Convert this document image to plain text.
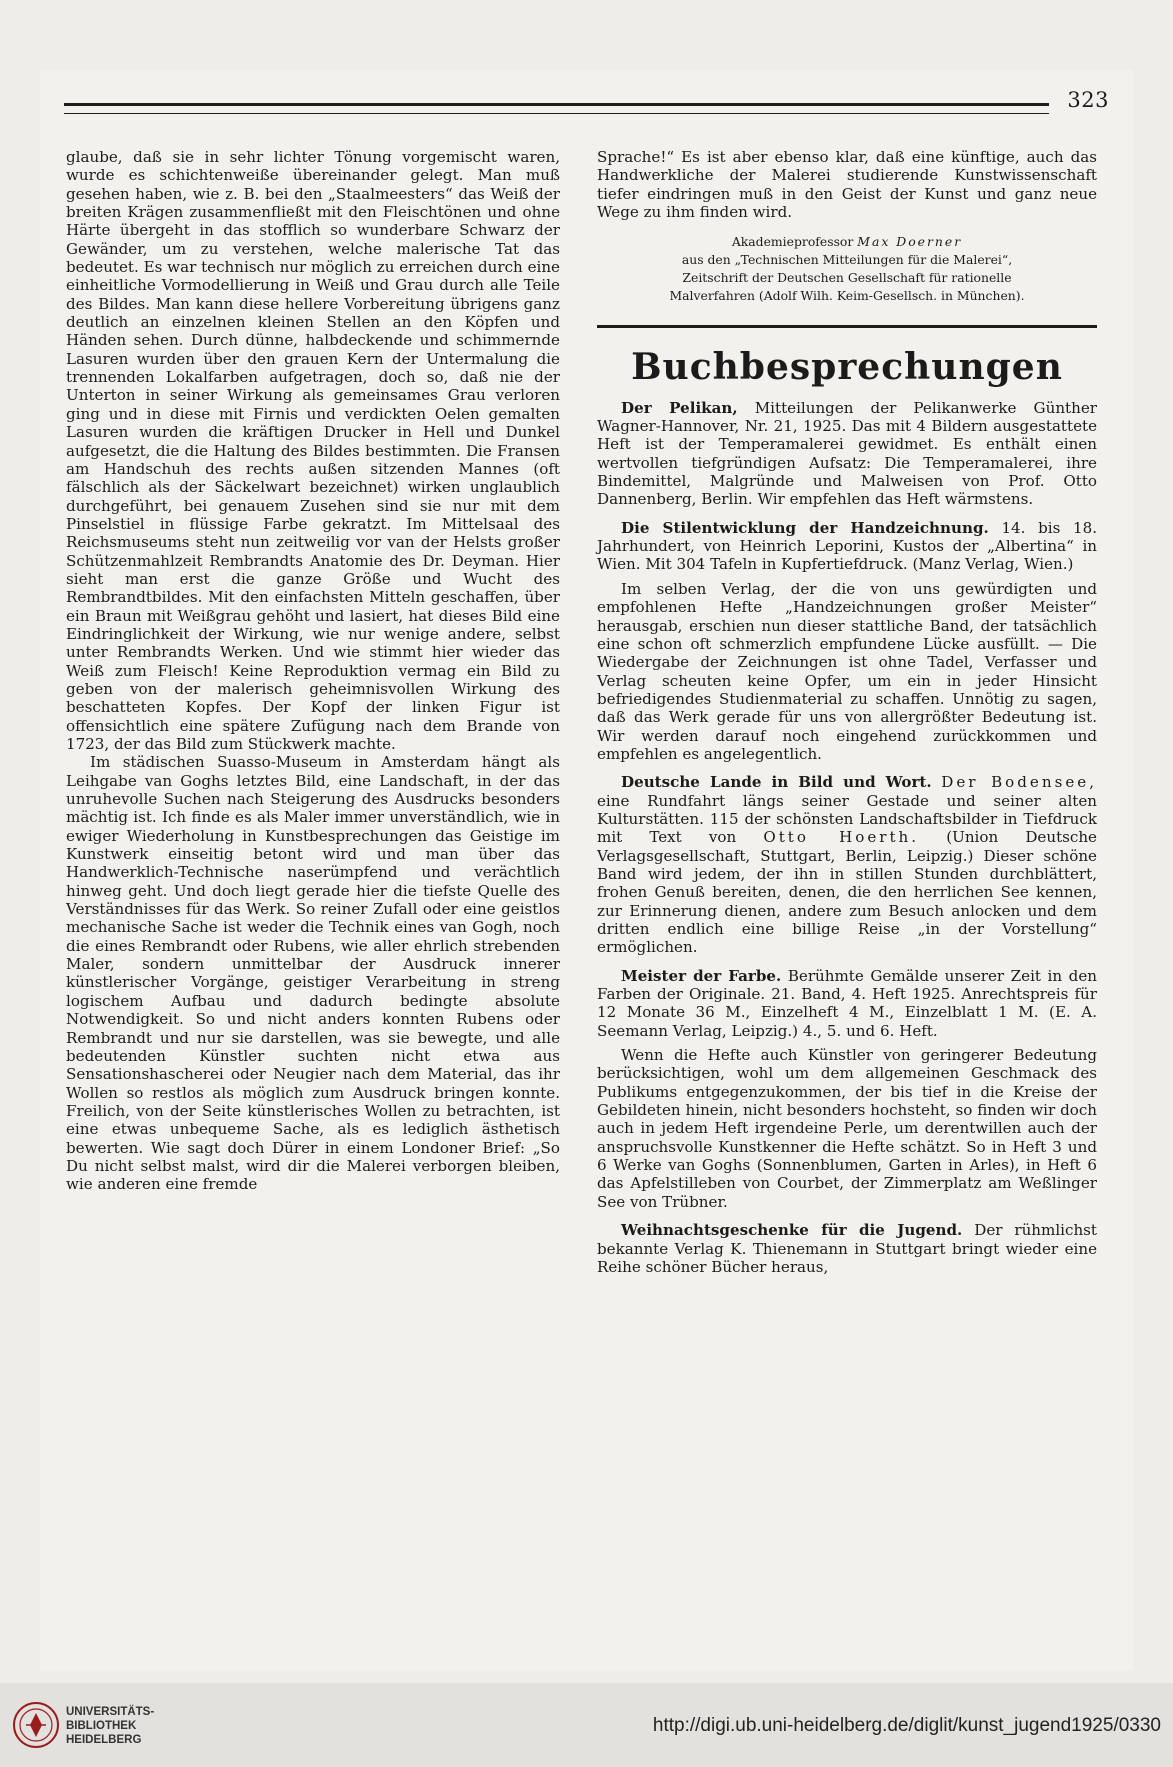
323

glaube, daß sie in sehr lichter Tönung vorgemischt waren, wurde es schichtenweiße übereinander gelegt. Man muß gesehen haben, wie z. B. bei den „Staalmeesters“ das Weiß der breiten Krägen zusammenfließt mit den Fleischtönen und ohne Härte übergeht in das stofflich so wunderbare Schwarz der Gewänder, um zu verstehen, welche malerische Tat das bedeutet. Es war technisch nur möglich zu erreichen durch eine einheitliche Vormodellierung in Weiß und Grau durch alle Teile des Bildes. Man kann diese hellere Vorbereitung übrigens ganz deutlich an einzelnen kleinen Stellen an den Köpfen und Händen sehen. Durch dünne, halbdeckende und schimmernde Lasuren wurden über den grauen Kern der Untermalung die trennenden Lokalfarben aufgetragen, doch so, daß nie der Unterton in seiner Wirkung als gemeinsames Grau verloren ging und in diese mit Firnis und verdickten Oelen gemalten Lasuren wurden die kräftigen Drucker in Hell und Dunkel aufgesetzt, die die Haltung des Bildes bestimmten. Die Fransen am Handschuh des rechts außen sitzenden Mannes (oft fälschlich als der Säckelwart bezeichnet) wirken unglaublich durchgeführt, bei genauem Zusehen sind sie nur mit dem Pinselstiel in flüssige Farbe gekratzt. Im Mittelsaal des Reichsmuseums steht nun zeitweilig vor van der Helsts großer Schützenmahlzeit Rembrandts Anatomie des Dr. Deyman. Hier sieht man erst die ganze Größe und Wucht des Rembrandtbildes. Mit den einfachsten Mitteln geschaffen, über ein Braun mit Weißgrau gehöht und lasiert, hat dieses Bild eine Eindringlichkeit der Wirkung, wie nur wenige andere, selbst unter Rembrandts Werken. Und wie stimmt hier wieder das Weiß zum Fleisch! Keine Reproduktion vermag ein Bild zu geben von der malerisch geheimnisvollen Wirkung des beschatteten Kopfes. Der Kopf der linken Figur ist offensichtlich eine spätere Zufügung nach dem Brande von 1723, der das Bild zum Stückwerk machte.

Im städischen Suasso-Museum in Amsterdam hängt als Leihgabe van Goghs letztes Bild, eine Landschaft, in der das unruhevolle Suchen nach Steigerung des Ausdrucks besonders mächtig ist. Ich finde es als Maler immer unverständlich, wie in ewiger Wiederholung in Kunstbesprechungen das Geistige im Kunstwerk einseitig betont wird und man über das Handwerklich-Technische naserümpfend und verächtlich hinweg geht. Und doch liegt gerade hier die tiefste Quelle des Verständnisses für das Werk. So reiner Zufall oder eine geistlos mechanische Sache ist weder die Technik eines van Gogh, noch die eines Rembrandt oder Rubens, wie aller ehrlich strebenden Maler, sondern unmittelbar der Ausdruck innerer künstlerischer Vorgänge, geistiger Verarbeitung in streng logischem Aufbau und dadurch bedingte absolute Notwendigkeit. So und nicht anders konnten Rubens oder Rembrandt und nur sie darstellen, was sie bewegte, und alle bedeutenden Künstler suchten nicht etwa aus Sensationshascherei oder Neugier nach dem Material, das ihr Wollen so restlos als möglich zum Ausdruck bringen konnte. Freilich, von der Seite künstlerisches Wollen zu betrachten, ist eine etwas unbequeme Sache, als es lediglich ästhetisch bewerten. Wie sagt doch Dürer in einem Londoner Brief: „So Du nicht selbst malst, wird dir die Malerei verborgen bleiben, wie anderen eine fremde

Sprache!“ Es ist aber ebenso klar, daß eine künftige, auch das Handwerkliche der Malerei studierende Kunstwissenschaft tiefer eindringen muß in den Geist der Kunst und ganz neue Wege zu ihm finden wird.

Akademieprofessor Max Doerner
aus den „Technischen Mitteilungen für die Malerei“,
Zeitschrift der Deutschen Gesellschaft für rationelle
Malverfahren (Adolf Wilh. Keim-Gesellsch. in München).
Buchbesprechungen

Der Pelikan, Mitteilungen der Pelikanwerke Günther Wagner-Hannover, Nr. 21, 1925. Das mit 4 Bildern ausgestattete Heft ist der Temperamalerei gewidmet. Es enthält einen wertvollen tiefgründigen Aufsatz: Die Temperamalerei, ihre Bindemittel, Malgründe und Malweisen von Prof. Otto Dannenberg, Berlin. Wir empfehlen das Heft wärmstens.

Die Stilentwicklung der Handzeichnung. 14. bis 18. Jahrhundert, von Heinrich Leporini, Kustos der „Albertina“ in Wien. Mit 304 Tafeln in Kupfertiefdruck. (Manz Verlag, Wien.)

Im selben Verlag, der die von uns gewürdigten und empfohlenen Hefte „Handzeichnungen großer Meister“ herausgab, erschien nun dieser stattliche Band, der tatsächlich eine schon oft schmerzlich empfundene Lücke ausfüllt. — Die Wiedergabe der Zeichnungen ist ohne Tadel, Verfasser und Verlag scheuten keine Opfer, um ein in jeder Hinsicht befriedigendes Studienmaterial zu schaffen. Unnötig zu sagen, daß das Werk gerade für uns von allergrößter Bedeutung ist. Wir werden darauf noch eingehend zurückkommen und empfehlen es angelegentlich.

Deutsche Lande in Bild und Wort. Der Bodensee, eine Rundfahrt längs seiner Gestade und seiner alten Kulturstätten. 115 der schönsten Landschaftsbilder in Tiefdruck mit Text von Otto Hoerth. (Union Deutsche Verlagsgesellschaft, Stuttgart, Berlin, Leipzig.) Dieser schöne Band wird jedem, der ihn in stillen Stunden durchblättert, frohen Genuß bereiten, denen, die den herrlichen See kennen, zur Erinnerung dienen, andere zum Besuch anlocken und dem dritten endlich eine billige Reise „in der Vorstellung“ ermöglichen.

Meister der Farbe. Berühmte Gemälde unserer Zeit in den Farben der Originale. 21. Band, 4. Heft 1925. Anrechtspreis für 12 Monate 36 M., Einzelheft 4 M., Einzelblatt 1 M. (E. A. Seemann Verlag, Leipzig.) 4., 5. und 6. Heft.

Wenn die Hefte auch Künstler von geringerer Bedeutung berücksichtigen, wohl um dem allgemeinen Geschmack des Publikums entgegenzukommen, der bis tief in die Kreise der Gebildeten hinein, nicht besonders hochsteht, so finden wir doch auch in jedem Heft irgendeine Perle, um derentwillen auch der anspruchsvolle Kunstkenner die Hefte schätzt. So in Heft 3 und 6 Werke van Goghs (Sonnenblumen, Garten in Arles), in Heft 6 das Apfelstilleben von Courbet, der Zimmerplatz am Weßlinger See von Trübner.

Weihnachtsgeschenke für die Jugend. Der rühmlichst bekannte Verlag K. Thienemann in Stuttgart bringt wieder eine Reihe schöner Bücher heraus,

UNIVERSITÄTS-
BIBLIOTHEK
HEIDELBERG
http://digi.ub.uni-heidelberg.de/diglit/kunst_jugend1925/0330
